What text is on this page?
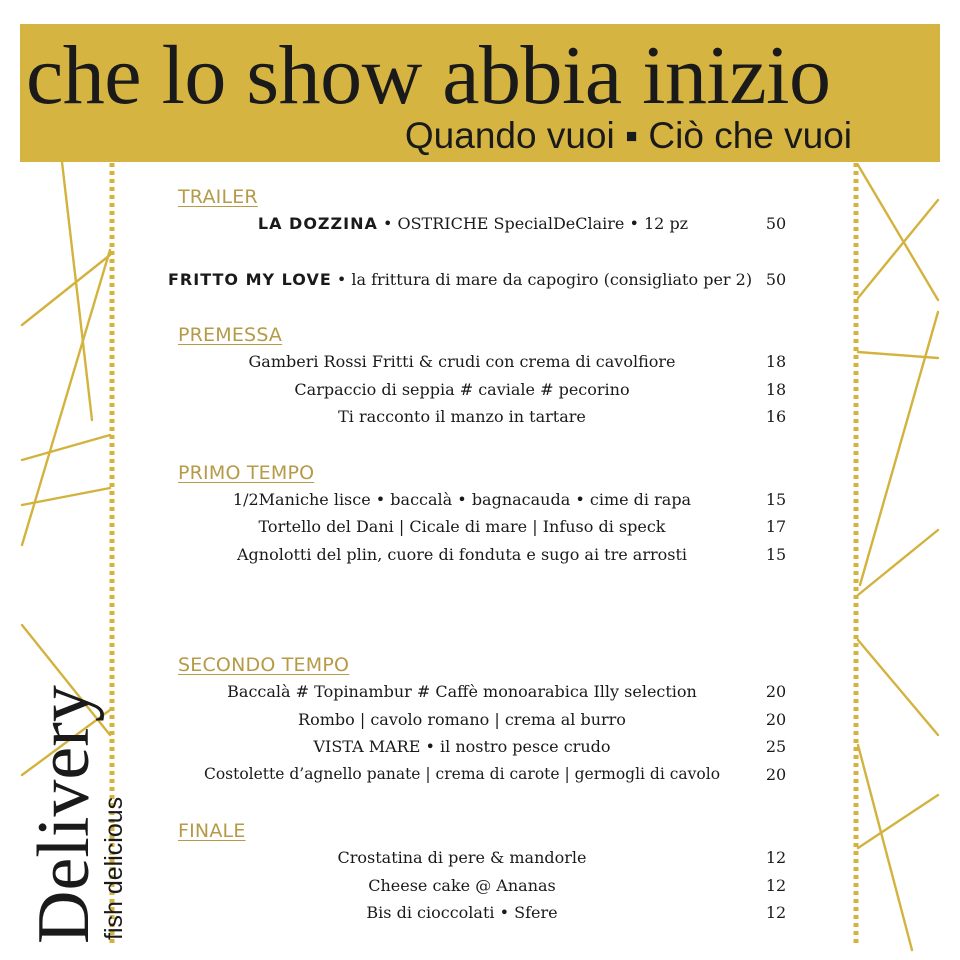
che lo show abbia inizio
Quando vuoi ▪ Ciò che vuoi
Delivery
fish delicious
TRAILER
LA DOZZINA • OSTRICHE SpecialDeClaire • 12 pz	50
FRITTO MY LOVE • la frittura di mare da capogiro (consigliato per 2) 50
PREMESSA
Gamberi Rossi Fritti & crudi con crema di cavolfiore	18
Carpaccio di seppia # caviale # pecorino	18
Ti racconto il manzo in tartare	16
PRIMO TEMPO
1/2Maniche lisce • baccalà • bagnacauda • cime di rapa	15
Tortello del Dani | Cicale di mare | Infuso di speck	17
Agnolotti del plin, cuore di fonduta e sugo ai tre arrosti	15
SECONDO TEMPO
Baccalà # Topinambur # Caffè monoarabica Illy selection	20
Rombo | cavolo romano | crema al burro	20
VISTA MARE • il nostro pesce crudo	25
Costolette d’agnello panate | crema di carote | germogli di cavolo	20
FINALE
Crostatina di pere & mandorle	12
Cheese cake @ Ananas	12
Bis di cioccolati • Sfere	12
